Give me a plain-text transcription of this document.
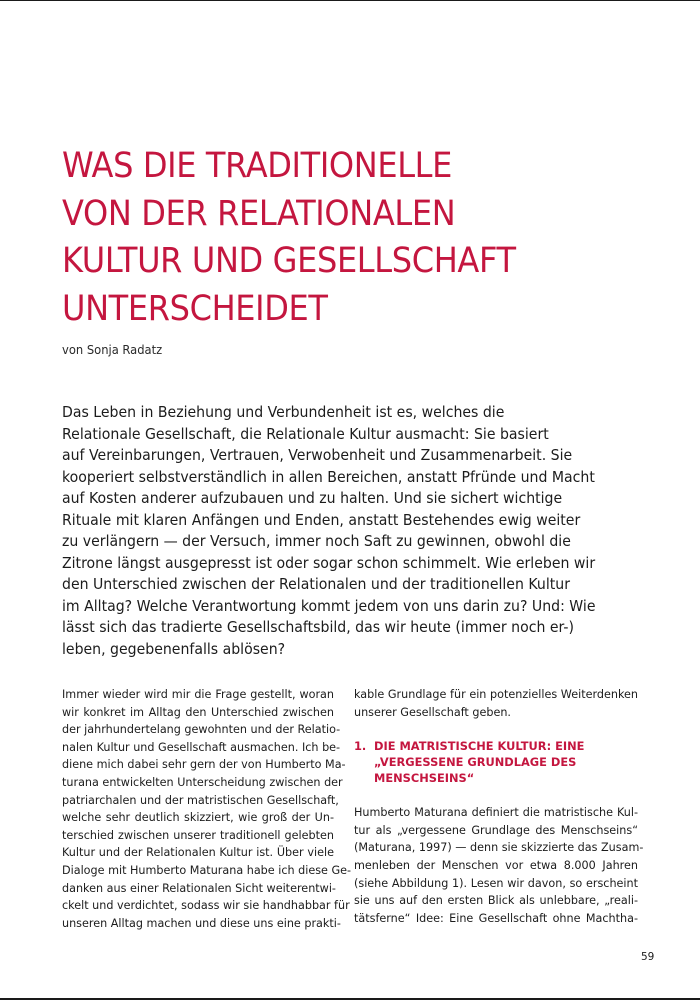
WAS DIE TRADITIONELLE
VON DER RELATIONALEN
KULTUR UND GESELLSCHAFT
UNTERSCHEIDET
von Sonja Radatz
Das Leben in Beziehung und Verbundenheit ist es, welches die
Relationale Gesellschaft, die Relationale Kultur ausmacht: Sie basiert
auf Vereinbarungen, Vertrauen, Verwobenheit und Zusammenarbeit. Sie
kooperiert selbstverständlich in allen Bereichen, anstatt Pfründe und Macht
auf Kosten anderer aufzubauen und zu halten. Und sie sichert wichtige
Rituale mit klaren Anfängen und Enden, anstatt Bestehendes ewig weiter
zu verlängern — der Versuch, immer noch Saft zu gewinnen, obwohl die
Zitrone längst ausgepresst ist oder sogar schon schimmelt. Wie erleben wir
den Unterschied zwischen der Relationalen und der traditionellen Kultur
im Alltag? Welche Verantwortung kommt jedem von uns darin zu? Und: Wie
lässt sich das tradierte Gesellschaftsbild, das wir heute (immer noch er-)
leben, gegebenenfalls ablösen?
Immer wieder wird mir die Frage gestellt, woran
wir konkret im Alltag den Unterschied zwischen
der jahrhundertelang gewohnten und der Relatio-
nalen Kultur und Gesellschaft ausmachen. Ich be-
diene mich dabei sehr gern der von Humberto Ma-
turana entwickelten Unterscheidung zwischen der
patriarchalen und der matristischen Gesellschaft,
welche sehr deutlich skizziert, wie groß der Un-
terschied zwischen unserer traditionell gelebten
Kultur und der Relationalen Kultur ist. Über viele
Dialoge mit Humberto Maturana habe ich diese Ge-
danken aus einer Relationalen Sicht weiterentwi-
ckelt und verdichtet, sodass wir sie handhabbar für
unseren Alltag machen und diese uns eine prakti-
kable Grundlage für ein potenzielles Weiterdenken
unserer Gesellschaft geben.
1. DIE MATRISTISCHE KULTUR: EINE
„VERGESSENE GRUNDLAGE DES
MENSCHSEINS“
Humberto Maturana definiert die matristische Kul-
tur als „vergessene Grundlage des Menschseins“
(Maturana, 1997) — denn sie skizzierte das Zusam-
menleben der Menschen vor etwa 8.000 Jahren
(siehe Abbildung 1). Lesen wir davon, so erscheint
sie uns auf den ersten Blick als unlebbare, „reali-
tätsferne“ Idee: Eine Gesellschaft ohne Machtha-
59
